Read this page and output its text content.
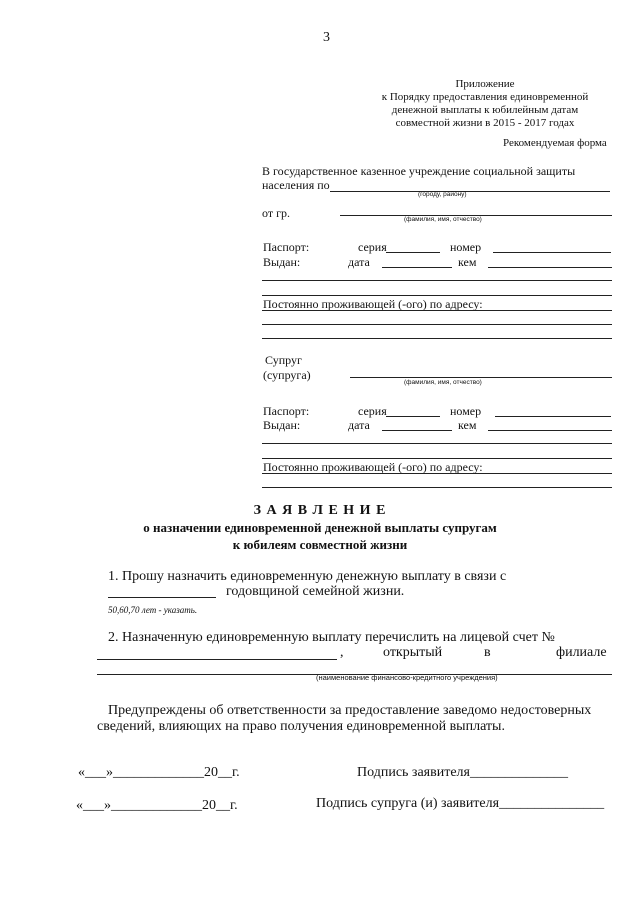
3
Приложение
к Порядку предоставления единовременной
денежной выплаты к юбилейным датам
совместной жизни в 2015 - 2017 годах
Рекомендуемая форма
В государственное казенное учреждение социальной защиты
населения по
(городу, району)
от гр.	(фамилия, имя, отчество)
Паспорт:	серия	номер
Выдан:	дата	кем
Постоянно проживающей (-ого) по адресу:
Супруг
(супруга)
(фамилия, имя, отчество)
Паспорт:	серия	номер
Выдан:	дата	кем
Постоянно проживающей (-ого) по адресу:
З А Я В Л Е Н И Е
о назначении единовременной денежной выплаты супругам
к юбилеям совместной жизни
1. Прошу назначить единовременную денежную выплату в связи с
годовщиной семейной жизни.
50,60,70 лет - указать.
2. Назначенную единовременную выплату перечислить на лицевой счет №
,	открытый	в	филиале
(наименование финансово-кредитного учреждения)
Предупреждены об ответственности за предоставление заведомо недостоверных
сведений, влияющих на право получения единовременной выплаты.
«___»_____________20__г.	Подпись заявителя______________
«___»_____________20__г.	Подпись супруга (и) заявителя_______________
